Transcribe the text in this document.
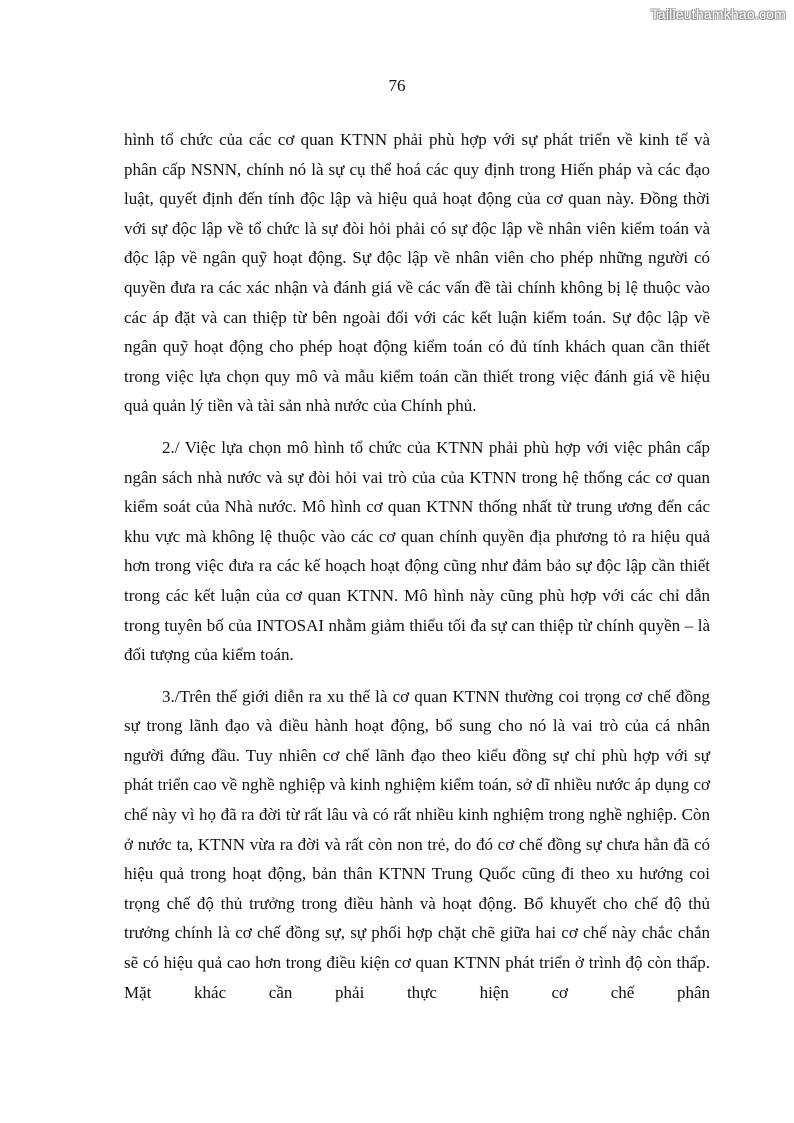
Tailieuthamkhao.com
76

hình tổ chức của các cơ quan KTNN phải phù hợp với sự phát triển về kinh tế và phân cấp NSNN, chính nó là sự cụ thể hoá các quy định trong Hiến pháp và các đạo luật, quyết định đến tính độc lập và hiệu quả hoạt động của cơ quan này. Đồng thời với sự độc lập về tổ chức là sự đòi hỏi phải có sự độc lập về nhân viên kiểm toán và độc lập về ngân quỹ hoạt động. Sự độc lập về nhân viên cho phép những người có quyền đưa ra các xác nhận và đánh giá về các vấn đề tài chính không bị lệ thuộc vào các áp đặt và can thiệp từ bên ngoài đối với các kết luận kiểm toán. Sự độc lập về ngân quỹ hoạt động cho phép hoạt động kiểm toán có đủ tính khách quan cần thiết trong việc lựa chọn quy mô và mẫu kiểm toán cần thiết trong việc đánh giá về hiệu quả quản lý tiền và tài sản nhà nước của Chính phủ.

2./ Việc lựa chọn mô hình tổ chức của KTNN phải phù hợp với việc phân cấp ngân sách nhà nước và sự đòi hỏi vai trò của của KTNN trong hệ thống các cơ quan kiểm soát của Nhà nước. Mô hình cơ quan KTNN thống nhất từ trung ương đến các khu vực mà không lệ thuộc vào các cơ quan chính quyền địa phương tỏ ra hiệu quả hơn trong việc đưa ra các kế hoạch hoạt động cũng như đảm bảo sự độc lập cần thiết trong các kết luận của cơ quan KTNN. Mô hình này cũng phù hợp với các chỉ dẫn trong tuyên bố của INTOSAI nhằm giảm thiểu tối đa sự can thiệp từ chính quyền – là đối tượng của kiểm toán.

3./Trên thế giới diễn ra xu thế là cơ quan KTNN thường coi trọng cơ chế đồng sự trong lãnh đạo và điều hành hoạt động, bổ sung cho nó là vai trò của cá nhân người đứng đầu. Tuy nhiên cơ chế lãnh đạo theo kiểu đồng sự chỉ phù hợp với sự phát triển cao về nghề nghiệp và kinh nghiệm kiểm toán, sở dĩ nhiều nước áp dụng cơ chế này vì họ đã ra đời từ rất lâu và có rất nhiều kinh nghiệm trong nghề nghiệp. Còn ở nước ta, KTNN vừa ra đời và rất còn non trẻ, do đó cơ chế đồng sự chưa hẳn đã có hiệu quả trong hoạt động, bản thân KTNN Trung Quốc cũng đi theo xu hướng coi trọng chế độ thủ trưởng trong điều hành và hoạt động. Bổ khuyết cho chế độ thủ trưởng chính là cơ chế đồng sự, sự phối hợp chặt chẽ giữa hai cơ chế này chắc chắn sẽ có hiệu quả cao hơn trong điều kiện cơ quan KTNN phát triển ở trình độ còn thấp. Mặt khác cần phải thực hiện cơ chế phân
